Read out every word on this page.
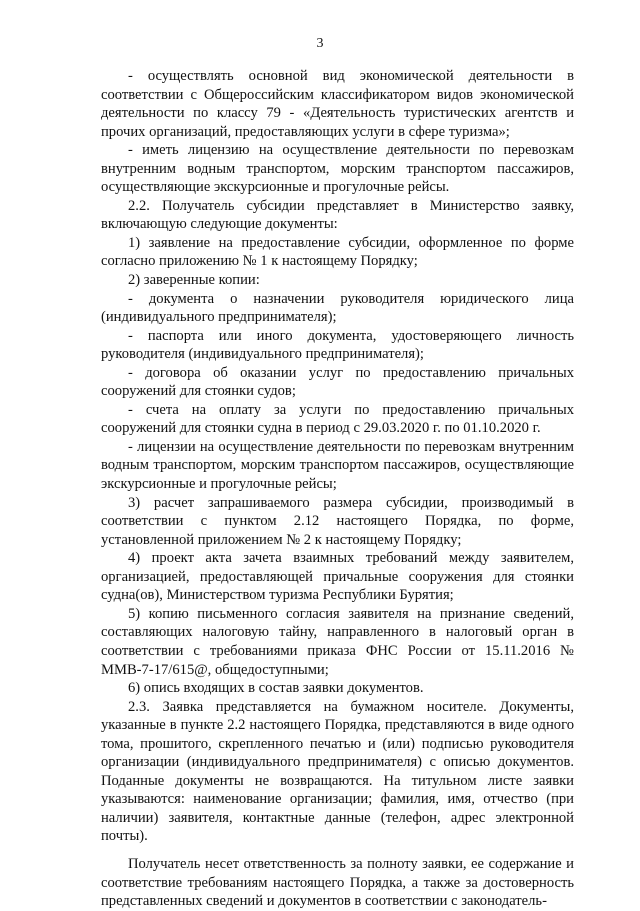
3

- осуществлять основной вид экономической деятельности в соответствии с Общероссийским классификатором видов экономической деятельности по классу 79 - «Деятельность туристических агентств и прочих организаций, предоставляющих услуги в сфере туризма»;

- иметь лицензию на осуществление деятельности по перевозкам внутренним водным транспортом, морским транспортом пассажиров, осуществляющие экскурсионные и прогулочные рейсы.

2.2. Получатель субсидии представляет в Министерство заявку, включающую следующие документы:

1) заявление на предоставление субсидии, оформленное по форме согласно приложению № 1 к настоящему Порядку;

2) заверенные копии:

- документа о назначении руководителя юридического лица (индивидуального предпринимателя);

- паспорта или иного документа, удостоверяющего личность руководителя (индивидуального предпринимателя);

- договора об оказании услуг по предоставлению причальных сооружений для стоянки судов;

- счета на оплату за услуги по предоставлению причальных сооружений для стоянки судна в период с 29.03.2020 г. по 01.10.2020 г.

- лицензии на осуществление деятельности по перевозкам внутренним водным транспортом, морским транспортом пассажиров, осуществляющие экскурсионные и прогулочные рейсы;

3) расчет запрашиваемого размера субсидии, производимый в соответствии с пунктом 2.12 настоящего Порядка, по форме, установленной приложением № 2 к настоящему Порядку;

4) проект акта зачета взаимных требований между заявителем, организацией, предоставляющей причальные сооружения для стоянки судна(ов), Министерством туризма Республики Бурятия;

5) копию письменного согласия заявителя на признание сведений, составляющих налоговую тайну, направленного в налоговый орган в соответствии с требованиями приказа ФНС России от 15.11.2016 № ММВ-7-17/615@, общедоступными;

6) опись входящих в состав заявки документов.

2.3. Заявка представляется на бумажном носителе. Документы, указанные в пункте 2.2 настоящего Порядка, представляются в виде одного тома, прошитого, скрепленного печатью и (или) подписью руководителя организации (индивидуального предпринимателя) с описью документов. Поданные документы не возвращаются. На титульном листе заявки указываются: наименование организации; фамилия, имя, отчество (при наличии) заявителя, контактные данные (телефон, адрес электронной почты).

Получатель несет ответственность за полноту заявки, ее содержание и соответствие требованиям настоящего Порядка, а также за достоверность представленных сведений и документов в соответствии с законодатель-
